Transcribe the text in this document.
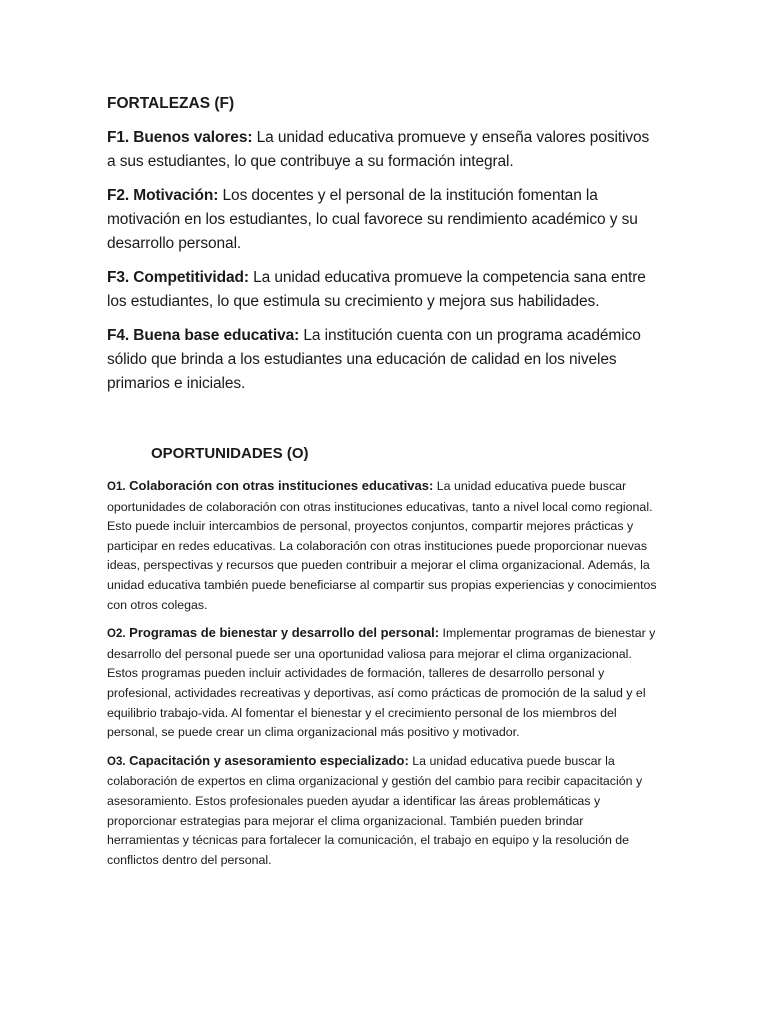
FORTALEZAS (F)

F1. Buenos valores: La unidad educativa promueve y enseña valores positivos a sus estudiantes, lo que contribuye a su formación integral.

F2. Motivación: Los docentes y el personal de la institución fomentan la motivación en los estudiantes, lo cual favorece su rendimiento académico y su desarrollo personal.

F3. Competitividad: La unidad educativa promueve la competencia sana entre los estudiantes, lo que estimula su crecimiento y mejora sus habilidades.

F4. Buena base educativa: La institución cuenta con un programa académico sólido que brinda a los estudiantes una educación de calidad en los niveles primarios e iniciales.

OPORTUNIDADES (O)

O1. Colaboración con otras instituciones educativas: La unidad educativa puede buscar oportunidades de colaboración con otras instituciones educativas, tanto a nivel local como regional. Esto puede incluir intercambios de personal, proyectos conjuntos, compartir mejores prácticas y participar en redes educativas. La colaboración con otras instituciones puede proporcionar nuevas ideas, perspectivas y recursos que pueden contribuir a mejorar el clima organizacional. Además, la unidad educativa también puede beneficiarse al compartir sus propias experiencias y conocimientos con otros colegas.

O2. Programas de bienestar y desarrollo del personal: Implementar programas de bienestar y desarrollo del personal puede ser una oportunidad valiosa para mejorar el clima organizacional. Estos programas pueden incluir actividades de formación, talleres de desarrollo personal y profesional, actividades recreativas y deportivas, así como prácticas de promoción de la salud y el equilibrio trabajo-vida. Al fomentar el bienestar y el crecimiento personal de los miembros del personal, se puede crear un clima organizacional más positivo y motivador.

O3. Capacitación y asesoramiento especializado: La unidad educativa puede buscar la colaboración de expertos en clima organizacional y gestión del cambio para recibir capacitación y asesoramiento. Estos profesionales pueden ayudar a identificar las áreas problemáticas y proporcionar estrategias para mejorar el clima organizacional. También pueden brindar herramientas y técnicas para fortalecer la comunicación, el trabajo en equipo y la resolución de conflictos dentro del personal.
